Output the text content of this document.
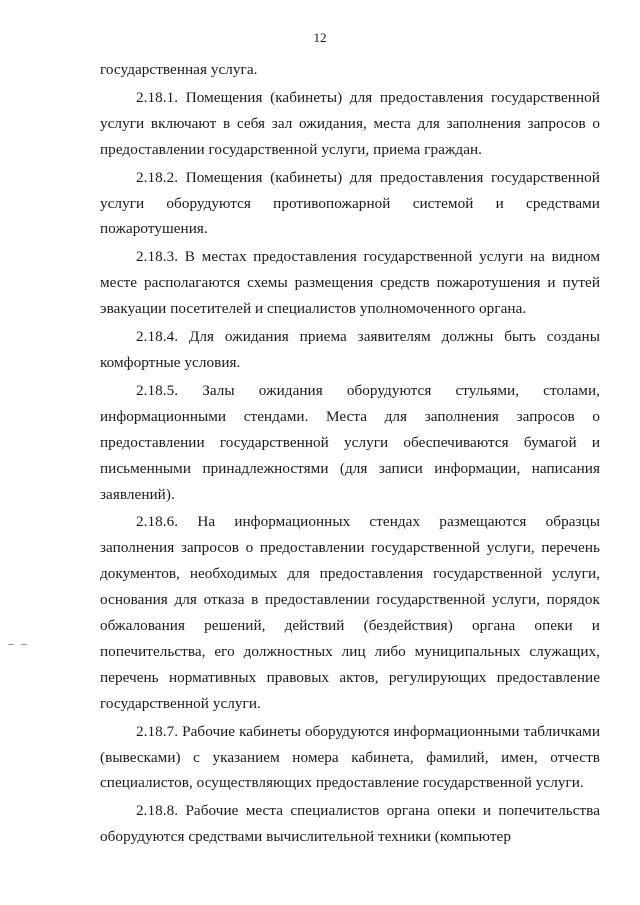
12
– –

государственная услуга.

2.18.1. Помещения (кабинеты) для предоставления государственной услуги включают в себя зал ожидания, места для заполнения запросов о предоставлении государственной услуги, приема граждан.

2.18.2. Помещения (кабинеты) для предоставления государственной услуги оборудуются противопожарной системой и средствами пожаротушения.

2.18.3. В местах предоставления государственной услуги на видном месте располагаются схемы размещения средств пожаротушения и путей эвакуации посетителей и специалистов уполномоченного органа.

2.18.4. Для ожидания приема заявителям должны быть созданы комфортные условия.

2.18.5. Залы ожидания оборудуются стульями, столами, информационными стендами. Места для заполнения запросов о предоставлении государственной услуги обеспечиваются бумагой и письменными принадлежностями (для записи информации, написания заявлений).

2.18.6. На информационных стендах размещаются образцы заполнения запросов о предоставлении государственной услуги, перечень документов, необходимых для предоставления государственной услуги, основания для отказа в предоставлении государственной услуги, порядок обжалования решений, действий (бездействия) органа опеки и попечительства, его должностных лиц либо муниципальных служащих, перечень нормативных правовых актов, регулирующих предоставление государственной услуги.

2.18.7. Рабочие кабинеты оборудуются информационными табличками (вывесками) с указанием номера кабинета, фамилий, имен, отчеств специалистов, осуществляющих предоставление государственной услуги.

2.18.8. Рабочие места специалистов органа опеки и попечительства оборудуются средствами вычислительной техники (компьютер
